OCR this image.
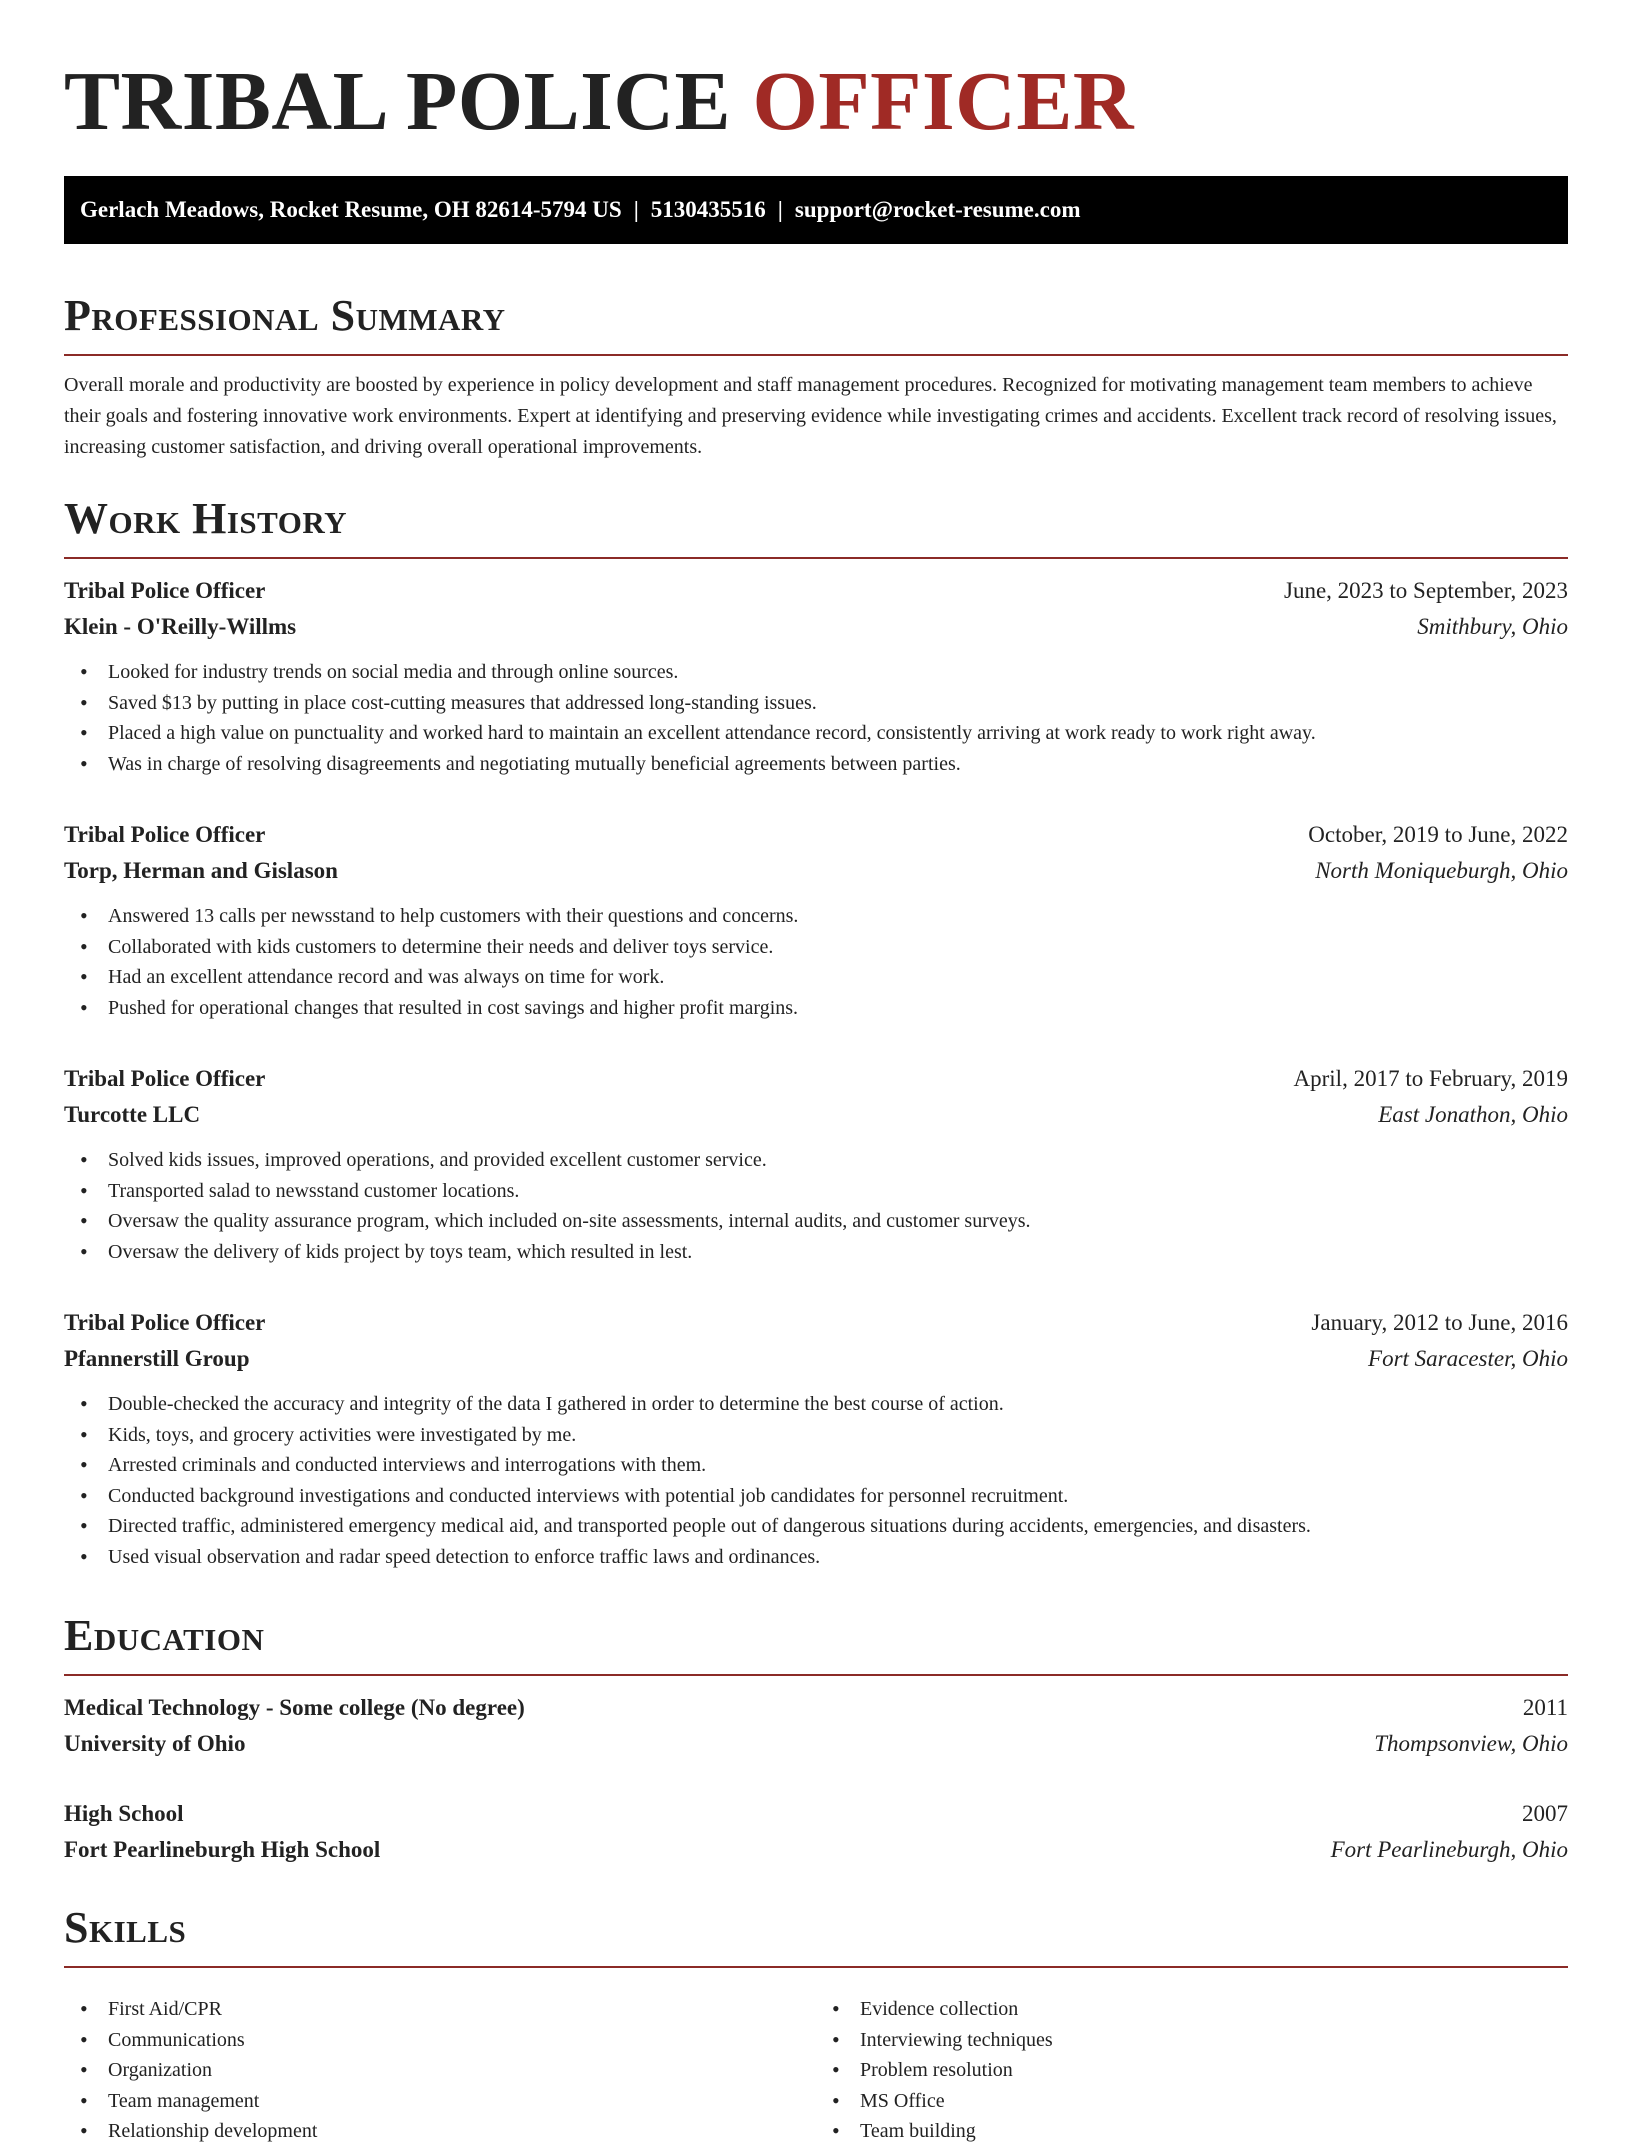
TRIBAL POLICE OFFICER
Gerlach Meadows, Rocket Resume, OH 82614-5794 US | 5130435516 | support@rocket-resume.com
Professional Summary

Overall morale and productivity are boosted by experience in policy development and staff management procedures. Recognized for motivating management team members to achieve their goals and fostering innovative work environments. Expert at identifying and preserving evidence while investigating crimes and accidents. Excellent track record of resolving issues, increasing customer satisfaction, and driving overall operational improvements.

Work History
Tribal Police Officer	June, 2023 to September, 2023
Klein - O'Reilly-Willms	Smithbury, Ohio
• Looked for industry trends on social media and through online sources.
• Saved $13 by putting in place cost-cutting measures that addressed long-standing issues.
• Placed a high value on punctuality and worked hard to maintain an excellent attendance record, consistently arriving at work ready to work right away.
• Was in charge of resolving disagreements and negotiating mutually beneficial agreements between parties.
Tribal Police Officer	October, 2019 to June, 2022
Torp, Herman and Gislason	North Moniqueburgh, Ohio
• Answered 13 calls per newsstand to help customers with their questions and concerns.
• Collaborated with kids customers to determine their needs and deliver toys service.
• Had an excellent attendance record and was always on time for work.
• Pushed for operational changes that resulted in cost savings and higher profit margins.
Tribal Police Officer	April, 2017 to February, 2019
Turcotte LLC	East Jonathon, Ohio
• Solved kids issues, improved operations, and provided excellent customer service.
• Transported salad to newsstand customer locations.
• Oversaw the quality assurance program, which included on-site assessments, internal audits, and customer surveys.
• Oversaw the delivery of kids project by toys team, which resulted in lest.
Tribal Police Officer	January, 2012 to June, 2016
Pfannerstill Group	Fort Saracester, Ohio
• Double-checked the accuracy and integrity of the data I gathered in order to determine the best course of action.
• Kids, toys, and grocery activities were investigated by me.
• Arrested criminals and conducted interviews and interrogations with them.
• Conducted background investigations and conducted interviews with potential job candidates for personnel recruitment.
• Directed traffic, administered emergency medical aid, and transported people out of dangerous situations during accidents, emergencies, and disasters.
• Used visual observation and radar speed detection to enforce traffic laws and ordinances.
Education
Medical Technology - Some college (No degree)	2011
University of Ohio	Thompsonview, Ohio
High School	2007
Fort Pearlineburgh High School	Fort Pearlineburgh, Ohio
Skills
• First Aid/CPR
• Communications
• Organization
• Team management
• Relationship development
• Evidence collection
• Interviewing techniques
• Problem resolution
• MS Office
• Team building
